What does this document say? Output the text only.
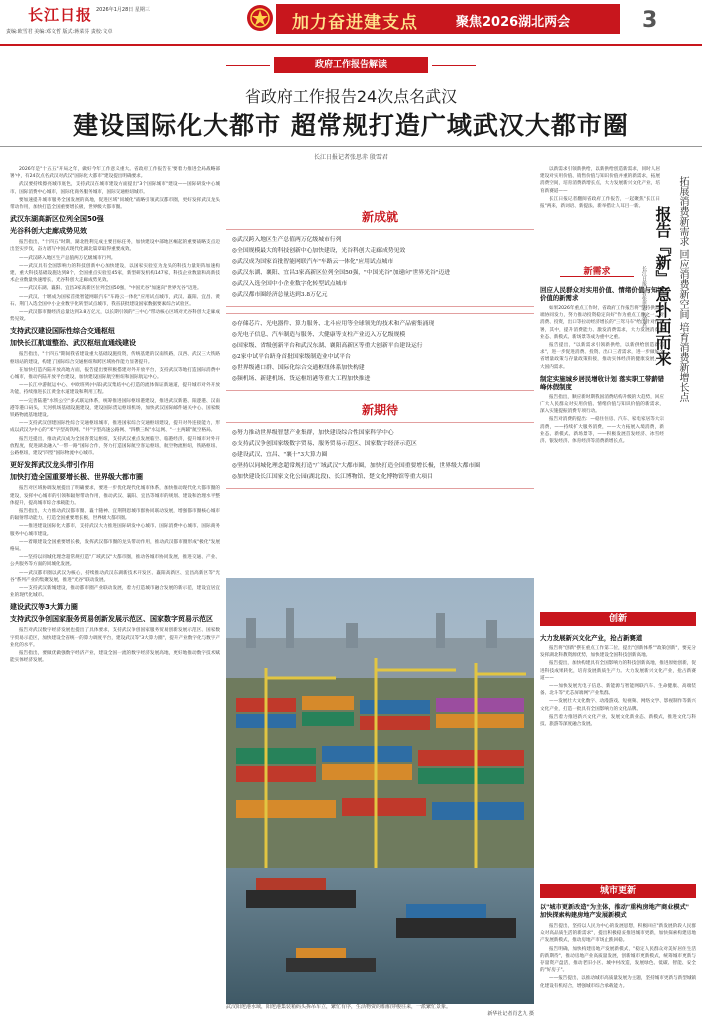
长江日报 2026年1月28日 星期三
责编:欧雪君 美编:邓文哲 版式:蒋菜芬 责校:文卓	加力奋进建支点	聚焦2026湖北两会	3
政府工作报告解读
省政府工作报告24次点名武汉
建设国际化大都市 超常规打造广域武汉大都市圈
长江日报记者张思赤 殷雪君

2026年是"十五五"开局之年，做好今年工作意义重大。省政府工作报告在'要着力推进全局战略部署'中，有24次点名武汉对武汉"国际化大都市"建设提出明确要求。

武汉要持续擦亮城市底色，支持武汉在城市建设方面提出"3个国际城市"建设——国际研发中心城市、国际消费中心城市，国际化商务服务城市，国际交通枢纽城市。

要加速提升城市服务全国发展的高地，促进区域"同城化"战略引领武汉都市圈，更好发挥武汉龙头带动作用，加快打造全国重要增长极，世界级大都市圈。

武汉东湖高新区位列全国50强
光谷科创大走廊成势见效

报告指出，"十四五"时期，湖北胜利完成主要目标任务，加快建设中部地区崛起的重要战略支点迈出坚实步伐，奋力谱写中国式现代化湖北篇章取得重要成效。

——武汉跻入地区生产总值两万亿级城市行列。

——武汉具有全国影响力的科技创新中心加快建设，以国家实验室为龙头的科技力量矩阵加速构建，重大科技基础设施达到8个，全国重点实验室45家，新型研发机构147家，科技企业数量和高新技术企业数量快速增长，光谷科创大走廊成势见效。

——武汉东湖、襄阳、宜昌3家高新区位列全国50强，"中国光谷"加速向"世界光谷"迈进。

——武汉、十堰成为国家首批智能网联汽车"车路云一体化"应用试点城市，武汉、襄阳、宜昌、黄石、荆门入选全国中小企业数字化转型试点城市，我省获批建设国家数据要素综合试验区。

——武汉都市圈经济总量达到3.8万亿元，以长期引领的"三中心"带动核心区域对光谷科创大走廊成势见效。

支持武汉建设国际性综合交通枢纽
加快长江航道整治、武汉枢纽直通线建设

报告指出，"十四五"期间我省建设重大基础设施投资，传统基建的汉南铁路，汉西、武汉三大铁路枢纽站的建设，构建了国际综合交通枢纽和跨区域协作能力显著提升。

在加快打造内陆开放高地方面，报告提出要积极搭建对外开放平台，支持武汉等地打造国际消费中心城市，推动内陆开放平台建设，加快建设国际航空枢纽和国际航运中心。

——长江中游航运中心、中欧班列(中部)武汉集结中心打造的流体保证新通道，提升城市对外开放功能，持续推进长江黄金水道建设和利用工程。

——完善陆港"水铁公空"多式联运体系，统筹推进国际枢纽港建设，推进武汉新港、阳逻港、汉南港等港口码头，天河机场基础设施建设，建设国际货运枢纽机场，加快武汉国际邮件通关中心、国家级铁路物流基地建设。

——支持武汉创建国际性综合交通枢纽城市，推进国家综合交通枢纽建设，提升对外连接能力，形成以武汉为中心的"米"字型高铁网、"井"字型高速公路网、"四横三纵"水运网、"一主两辅"航空格局。

报告还提出，推动武汉成为全国客货运枢纽，支持武汉重点发展临空、临港经济，提升城市对外开放程度，促进湖北融入"一带一路"国际合作，努力打造国际航空客运枢纽，航空物流枢纽，铁路枢纽、公路枢纽，建设"四型"国际物流中心城市。

更好发挥武汉龙头带引作用
加快打造全国重要增长极、世界级大都市圈

报告对区域协调发展提出了明确要求，要进一步优化现代化城市体系，加快推动现代化大都市圈的建设，发挥中心城市的引领和辐射带动作用，推动武汉、襄阳、宜昌等城市的规划、建设和治理水平整体提升，提高城市综合承载能力。

报告指出，大力推动武汉都市圈、襄十随神、宜荆荆恩城市群协同联动发展，增强都市圈核心城市的辐射带动能力，打造全国重要增长极，世界级大都市圈。

——推进建设国际化大都市，支持武汉大力推进国际研发中心城市、国际消费中心城市、国际商务服务中心城市建设。

——着眼建设全国重要增长极，发挥武汉都市圈的龙头带动作用，推动武汉都市圈形成"极化"发展格局。

——坚持以同城化理念超常规打造"广域武汉"大都市圈，推动各城市协同发展，推进交通、产业、公共服务等方面的同城化发展。

——武汉都市圈以武汉为核心，持续推动武汉东湖新技术开发区、襄阳高新区、宜昌高新区等"光谷"系列产业的集聚发展，推进"光谷"联动发展。

——支持武汉新城建设，推动都市圈产业联动发展，着力打造城市融合发展的新示范，建设宜居宜业的现代化城市。

建设武汉等3大算力圈
支持武汉争创国家服务贸易创新发展示范区、国家数字贸易示范区

报告对武汉数字经济发展也提出了具体要求，支持武汉争创国家服务贸易创新发展示范区、国家数字贸易示范区，加快建设全省统一的算力调度平台，建设武汉等"3大算力圈"，提升产业数字化与数字产业化的水平。

报告指出，要做优做强数字经济产业，建设全国一流的数字经济发展高地，更好地推动数字技术赋能实体经济发展。

新成就
◎武汉跨入地区生产总值两万亿级城市行列
◎全国规模最大的科技创新中心加快建设，光谷科创大走廊成势见效
◎武汉成为国家首批智能网联汽车"车路云一体化"应用试点城市
◎武汉东湖、襄阳、宜昌3家高新区位列全国50强，"中国光谷"加速向"世界光谷"迈进
◎武汉入选全国中小企业数字化转型试点城市
◎武汉都市圈经济总量达到3.8万亿元
◎存储芯片、光电器件、算力服务、北斗应用等全球领先的技术和产品密集涌现
◎光电子信息、汽车制造与服务、大健康等支柱产业迈入万亿级规模
◎国家级、省级创新平台和武汉东湖、襄阳高新区等重大创新平台建设运行
◎2家中试平台跻身首批国家级制造业中试平台
◎世界级港口群、国际化综合交通枢纽体系加快构建
◎频机场、新建机场、货运枢纽港等重大工程加快推进
新期待
◎努力推动世界级智慧产业集群，加快建设综合性国家科学中心
◎支持武汉争创国家级数字贸易、服务贸易示范区、国家数字经济示范区
◎建设武汉、宜昌、"襄十"3大算力圈
◎坚持以同城化理念超常规打造"广域武汉"大都市圈，加快打造全国重要增长极，世界级大都市圈
◎加快建设长江国家文化公园(湖北段)、长江博物馆、楚文化博物馆等重大项目
武汉阳逻港水域，阳逻港集装箱码头拆吊车立，繁忙有序，生活物资的船舶穿梭往来，一派繁忙景象。

新华社记者肖艺九 摄

以新需求引领新供给，以新供给创造新需求，同时人居建设对实用价值、销售价值与知识价值并重的新需求，拓展消费空间，培育消费新增长点，大力发展新兴文化产业，培育新赛道——

长江日报记者翻阅省政府工作报告，一起聚焦"长江日报"两来，新词语、新提法、新举措让人耳目一新。	拓展消费新需求 回应消费新空间 培育消费新增长点
报告『新』意扑面而来
长江日报记者张思赤 殷雪君
新需求
回应人民群众对实用价值、情绪价值与知识价值的新需求

如果2026年重点工作时，省政府工作报告将"坚持供需两端协同发力，努力推动投资稳定向好"作为重点工作之一，对消费、投资，出口等拉动经济增长的"三驾马车"给出针对性部署，其中，提升消费能力、激发消费需求，大力发展消费新业态、新模式、新场景等成为重中之重。

报告提出，"以新需求引领新供给，以新供给创造新需求"，进一步促进消费、投资、出口三者需求，进一步做好全省增量政策与存量政策衔接，推动实体经济的健康发展，扩大国内需求。

制定实施城乡居民增收计划 落实职工带薪错峰休假制度

报告指出，顺应新时期我国消费结构升级的大趋势，回应广大人民群众对实用价值、情绪价值与知识价值的新需求，深入实施提振消费专项行动。

报告对消费的提出：—稳住住房、汽车、家电家居等大宗消费，——持续扩大服务消费，——大力拓展入境消费，新业态、新模式、新场景等，——积极发展首发经济、冰雪经济、银发经济、体育经济等消费新增长点。

创新
大力发展新兴文化产业，抢占新赛道

报告将"创新"摆在重点工作第二位，提出"创新体系""政策创新"，要充分发挥湖北科教资源优势，加快建设全国科技创新高地。

报告提出，加快构建具有全国影响力的科技创新高地，推进原始创新，促进科技成果转化，培育发展新质生产力。大力发展新兴文化产业，抢占新赛道——

——加快发展光电子信息、新能源与智能网联汽车、生命健康、高端装备、北斗等"光芯屏端网"产业集群。

——发展壮大文化数字、动漫游戏、短视频、网络文学、影视制作等新兴文化产业，打造一批具有全国影响力的文化品牌。

报告着力推进新兴文化产业，发展文化新业态、新模式，推进文化与科技、旅游等深度融合发展。

城市更新
以"城市更新改造"为主体，推动"重构房地产商业模式"
加快探索构建房地产发展新模式

报告提出，坚持以人民为中心的发展思想，积极回应"新发展阶段人民群众对高品质生活的新需求"，提出积极稳妥推进城市更新，加快探索构建房地产发展新模式，推动房地产市场止跌回稳。

报告明确，加快构建房地产发展新模式，"稳定人民群众对美好居住生活的新期待"，推动房地产业高质量发展，创新城市更新模式，统筹城市更新与存量资产盘活，推动老旧小区、城中村改造，发展绿色、低碳、智能、安全的"好房子"。

——报告提出，以推动城市高质量发展为主题，坚持城市更新与新型城镇化建设有机结合，增强城市综合承载能力。
